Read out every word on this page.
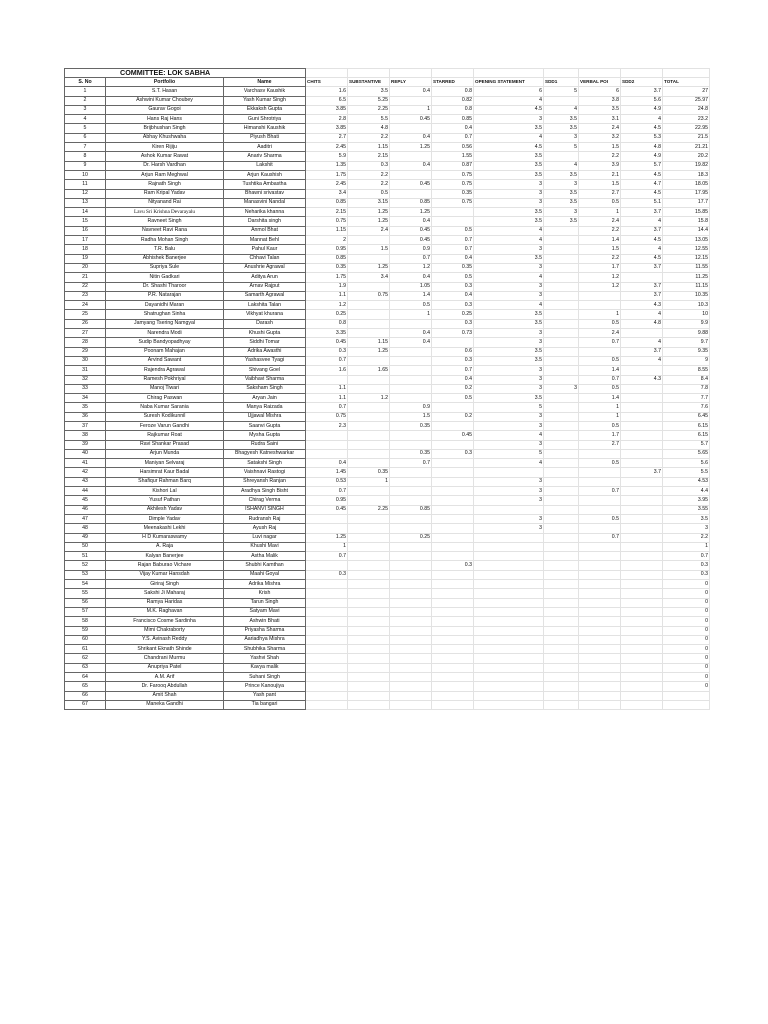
COMMITTEE: LOK SABHA											
S. No	Portfolio	Name	CHITS	SUBSTANTIVE	REPLY	STARRED	OPENING STATEMENT	SDD1	VERBAL POI	SDD2	TOTAL
1	S.T. Hasan	Varchasv Kaushik	1.6	3.5	0.4	0.8	6	5	6	3.7	27
2	Ashwini Kumar Choubey	Yash Kumar Singh	6.5	5.25		0.82	4		3.8	5.6	25.97
3	Gaurav Gogoi	Ekkaksh Gupta	3.85	2.25	1	0.8	4.5	4	3.5	4.9	24.8
4	Hans Raj Hans	Guni Shrotriya	2.8	5.5	0.45	0.85	3	3.5	3.1	4	23.2
5	Brijbhushan Singh	Himanshi Kaushik	3.85	4.8		0.4	3.5	3.5	2.4	4.5	22.95
6	Abhay Khushwaha	Piyush Bhati	2.7	2.2	0.4	0.7	4	3	3.2	5.3	21.5
7	Kiren Rijiju	Aaditri	2.45	1.15	1.25	0.56	4.5	5	1.5	4.8	21.21
8	Ashok Kumar Rawat	Anariv Sharma	5.9	2.15		1.55	3.5		2.2	4.9	20.2
9	Dr. Harsh Vardhan	Lakshit	1.35	0.3	0.4	0.87	3.5	4	3.9	5.7	19.82
10	Arjun Ram Meghwal	Arjun Kaushish	1.75	2.2		0.75	3.5	3.5	2.1	4.5	18.3
11	Rajnath Singh	Tushtika Ambastha	2.45	2.2	0.45	0.75	3	3	1.5	4.7	18.05
12	Ram Kripal Yadav	Bhawni srivastav	3.4	0.5		0.35	3	3.5	2.7	4.5	17.95
13	Nityanand Rai	Manasvini Nandal	0.85	3.15	0.85	0.75	3	3.5	0.5	5.1	17.7
14	Lavu Sri Krishna Devarayalu	Neharika khanna	2.15	1.25	1.25		3.5	3	1	3.7	15.85
15	Ravneet Singh	Darshita singh	0.75	1.25	0.4		3.5	3.5	2.4	4	15.8
16	Navneet Ravi Rana	Anmol Bhat	1.15	2.4	0.45	0.5	4		2.2	3.7	14.4
17	Radha Mohan Singh	Mannat Behl	2		0.45	0.7	4		1.4	4.5	13.05
18	T.R. Balu	Pahul Kaur	0.95	1.5	0.9	0.7	3		1.5	4	12.55
19	Abhishek Banerjee	Chhavi Talan	0.85		0.7	0.4	3.5		2.2	4.5	12.15
20	Supriya Sule	Anushrie Agrawal	0.35	1.25	1.2	0.35	3		1.7	3.7	11.55
21	Nitin Gadkari	Aditya Arun	1.75	3.4	0.4	0.5	4		1.2		11.25
22	Dr. Shashi Tharoor	Arnav Rajput	1.9		1.05	0.3	3		1.2	3.7	11.15
23	P.R. Natarajan	Samarth Agrawal	1.1	0.75	1.4	0.4	3			3.7	10.35
24	Dayanidhi Maran	Lakshita Talan	1.2		0.5	0.3	4			4.3	10.3
25	Shatrughan Sinha	Vikhyat khurana	0.25		1	0.25	3.5		1	4	10
26	Jamyang Tsering Namgyal	Darash	0.8			0.3	3.5		0.5	4.8	9.9
27	Narendra Modi	Khushi Gupta	3.35		0.4	0.73	3		2.4		9.88
28	Sudip Bandyopadhyay	Siddhi Tomar	0.45	1.15	0.4		3		0.7	4	9.7
29	Poonam Mahajan	Adrika Awasthi	0.3	1.25		0.6	3.5			3.7	9.35
30	Arvind Sawant	Yashasvee Tyagi	0.7			0.3	3.5		0.5	4	9
31	Rajendra Agrawal	Shivang Goel	1.6	1.65		0.7	3		1.4		8.55
32	Ramesh Pokhriyal	Vaibhavi Sharma				0.4	3		0.7	4.3	8.4
33	Manoj Tiwari	Saksham Singh	1.1			0.2	3	3	0.5		7.8
34	Chirag Paswan	Aryan Jain	1.1	1.2		0.5	3.5		1.4		7.7
35	Naba Kumar Sarania	Manya Raizada	0.7		0.9		5		1		7.6
36	Suresh Kodikunnil	Ujjawal Mishra	0.75		1.5	0.2	3		1		6.45
37	Feroze Varun Gandhi	Saanvi Gupta	2.3		0.35		3		0.5		6.15
38	Rajkumar Roat	Mysha Gupta				0.45	4		1.7		6.15
39	Ravi Shankar Prasad	Rudra Saini					3		2.7		5.7
40	Arjun Munda	Bhagyesh Katneshwarkar			0.35	0.3	5				5.65
41	Maniyan Selvaraj	Satakshi Singh	0.4		0.7		4		0.5		5.6
42	Harsimrat Kaur Badal	Vaishnavi Rastogi	1.45	0.35						3.7	5.5
43	Shafiqur Rahman Barq	Shreyansh Ranjan	0.53	1			3				4.53
44	Kishori Lal	Aradhya Singh Bisht	0.7				3		0.7		4.4
45	Yusuf Pathan	Chirag Verma	0.95				3				3.95
46	Akhilesh Yadav	ISHANVI SINGH	0.45	2.25	0.85						3.55
47	Dimple Yadav	Rudransh Raj					3		0.5		3.5
48	Meenakashi Lekhi	Ayush Raj					3				3
49	H D Kumaraswamy	Luvi nagar	1.25		0.25				0.7		2.2
50	A. Raja	Khushi Mavi	1								1
51	Kalyan Banerjee	Astha Malik	0.7								0.7
52	Rajan Baburao Vichare	Shubhi Kamthan				0.3					0.3
53	Vijay Kumar Hansdah	Maahi Goyal	0.3								0.3
54	Giriraj Singh	Adrika Mishra									0
55	Sakshi Ji Maharaj	Krish									0
56	Ramya Haridas	Tarun Singh									0
57	M.K. Raghavan	Satyam Mavi									0
58	Francisco Cosme Sardinha	Ashwin Bhati									0
59	Mimi Chakraborty	Priyasha Sharma									0
60	Y.S. Avinash Reddy	Aariadhya Mishra									0
61	Shrikant Eknath Shinde	Shubhika Sharma									0
62	Chandrani Murmu	Yashvi Shah									0
63	Anupriya Patel	Kavya malik									0
64	A.M. Arif	Suhani Singh									0
65	Dr. Farooq Abdullah	Prince Kanoujiya									0
66	Amit Shah	Yash pant									
67	Maneka Gandhi	Tia bangari									
